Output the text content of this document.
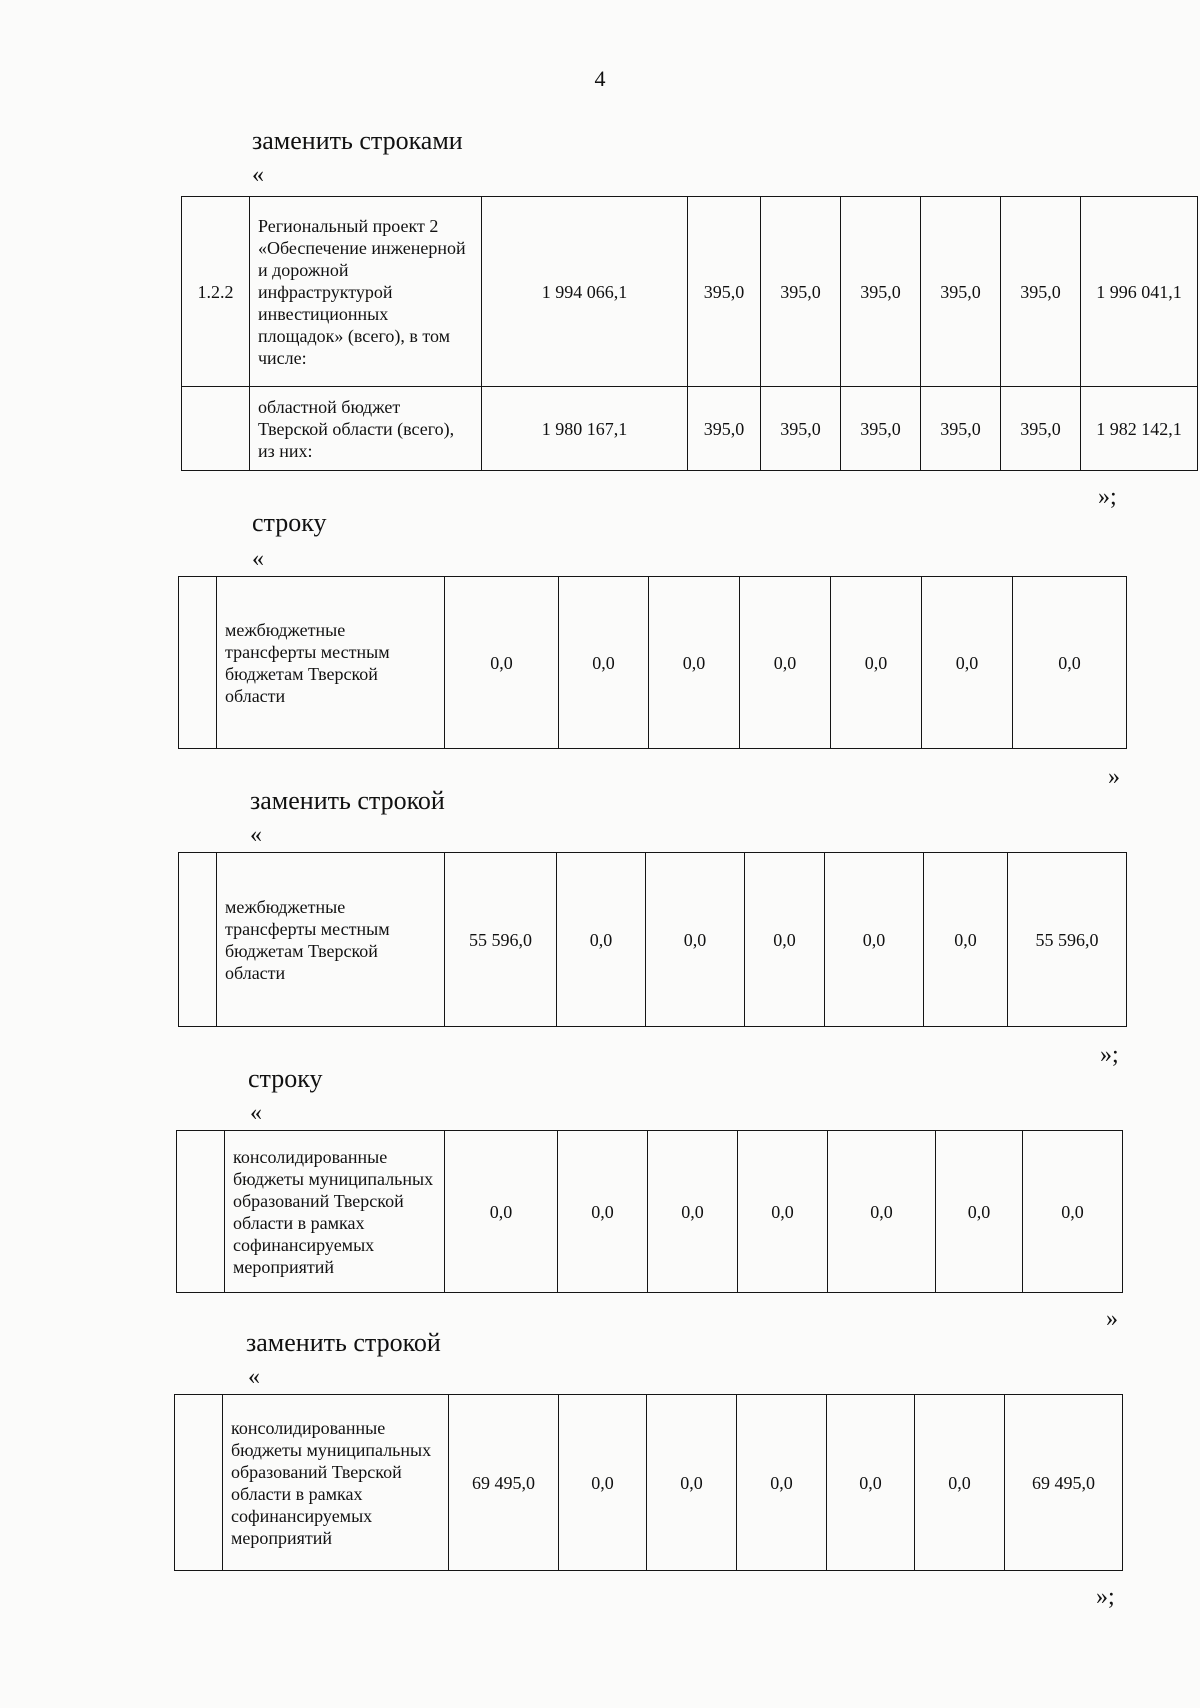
4
заменить строками
«
1.2.2	Региональный проект 2 «Обеспечение инженерной и дорожной инфраструктурой инвестиционных площадок» (всего), в том числе:	1 994 066,1	395,0	395,0	395,0	395,0	395,0	1 996 041,1
	областной бюджет Тверской области (всего), из них:	1 980 167,1	395,0	395,0	395,0	395,0	395,0	1 982 142,1
»;
строку
«
	межбюджетные трансферты местным бюджетам Тверской области	0,0	0,0	0,0	0,0	0,0	0,0	0,0
»
заменить строкой
«
	межбюджетные трансферты местным бюджетам Тверской области	55 596,0	0,0	0,0	0,0	0,0	0,0	55 596,0
»;
строку
«
	консолидированные бюджеты муниципальных образований Тверской области в рамках софинансируемых мероприятий	0,0	0,0	0,0	0,0	0,0	0,0	0,0
»
заменить строкой
«
	консолидированные бюджеты муниципальных образований Тверской области в рамках софинансируемых мероприятий	69 495,0	0,0	0,0	0,0	0,0	0,0	69 495,0
»;
